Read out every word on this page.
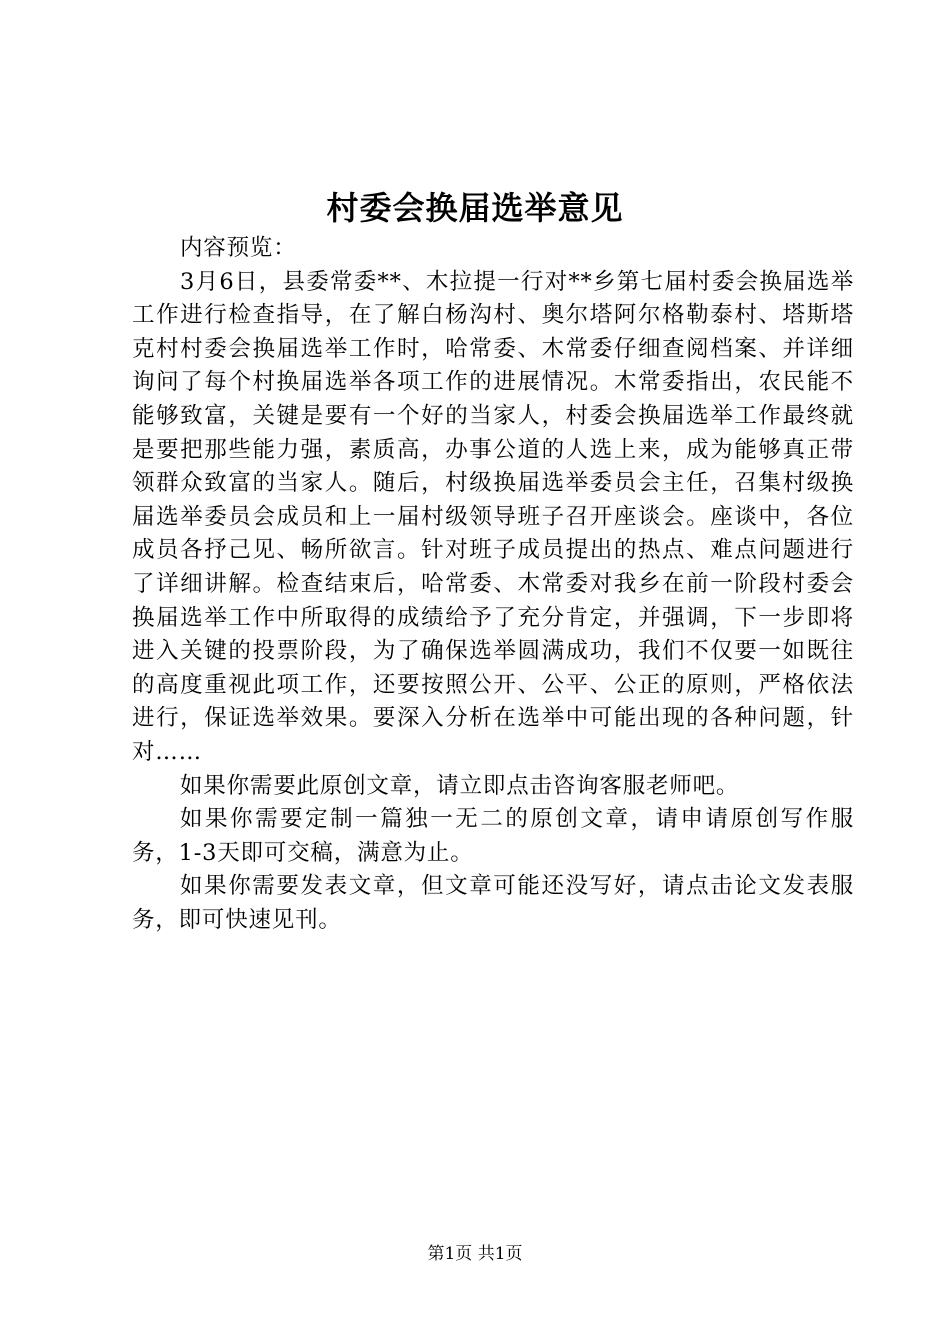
村委会换届选举意见

内容预览：

3月6日，县委常委**、木拉提一行对**乡第七届村委会换届选举工作进行检查指导，在了解白杨沟村、奥尔塔阿尔格勒泰村、塔斯塔克村村委会换届选举工作时，哈常委、木常委仔细查阅档案、并详细询问了每个村换届选举各项工作的进展情况。木常委指出，农民能不能够致富，关键是要有一个好的当家人，村委会换届选举工作最终就是要把那些能力强，素质高，办事公道的人选上来，成为能够真正带领群众致富的当家人。随后，村级换届选举委员会主任，召集村级换届选举委员会成员和上一届村级领导班子召开座谈会。座谈中，各位成员各抒己见、畅所欲言。针对班子成员提出的热点、难点问题进行了详细讲解。检查结束后，哈常委、木常委对我乡在前一阶段村委会换届选举工作中所取得的成绩给予了充分肯定，并强调，下一步即将进入关键的投票阶段，为了确保选举圆满成功，我们不仅要一如既往的高度重视此项工作，还要按照公开、公平、公正的原则，严格依法进行，保证选举效果。要深入分析在选举中可能出现的各种问题，针对……

如果你需要此原创文章，请立即点击咨询客服老师吧。

如果你需要定制一篇独一无二的原创文章，请申请原创写作服务，1-3天即可交稿，满意为止。

如果你需要发表文章，但文章可能还没写好，请点击论文发表服务，即可快速见刊。

第1页 共1页
